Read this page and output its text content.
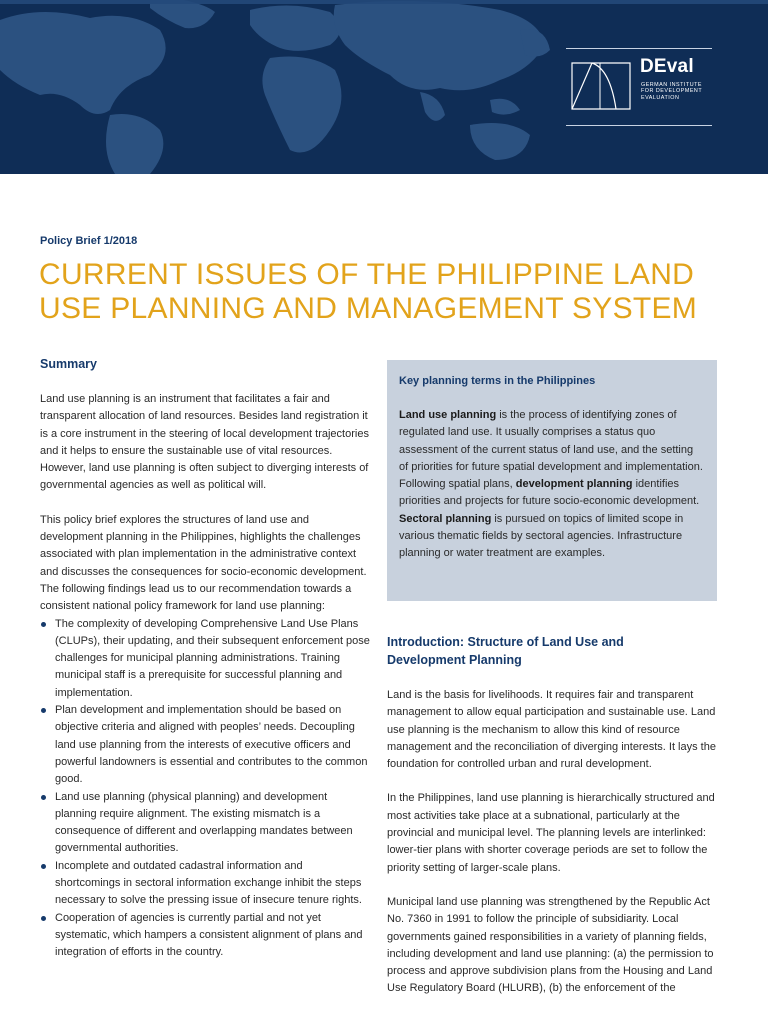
DEval
GERMAN INSTITUTE FOR DEVELOPMENT EVALUATION
Policy Brief 1/2018
CURRENT ISSUES OF THE PHILIPPINE LAND USE PLANNING AND MANAGEMENT SYSTEM
Summary

Land use planning is an instrument that facilitates a fair and transparent allocation of land resources. Besides land registration it is a core instrument in the steering of local development trajectories and it helps to ensure the sustainable use of vital resources. However, land use planning is often subject to diverging interests of governmental agencies as well as political will.

This policy brief explores the structures of land use and development planning in the Philippines, highlights the challenges associated with plan implementation in the administrative context and discusses the consequences for socio-economic development. The following findings lead us to our recommendation towards a consistent national policy framework for land use planning:

The complexity of developing Comprehensive Land Use Plans (CLUPs), their updating, and their subsequent enforcement pose challenges for municipal planning administrations. Training municipal staff is a prerequisite for successful planning and implementation.
Plan development and implementation should be based on objective criteria and aligned with peoples’ needs. Decoupling land use planning from the interests of executive officers and powerful landowners is essential and contributes to the common good.
Land use planning (physical planning) and development planning require alignment. The existing mismatch is a consequence of different and overlapping mandates between governmental authorities.
Incomplete and outdated cadastral information and shortcomings in sectoral information exchange inhibit the steps necessary to solve the pressing issue of insecure tenure rights.
Cooperation of agencies is currently partial and not yet systematic, which hampers a consistent alignment of plans and integration of efforts in the country.
Key planning terms in the Philippines

Land use planning is the process of identifying zones of regulated land use. It usually comprises a status quo assessment of the current status of land use, and the setting of priorities for future spatial development and implementation.

Following spatial plans, development planning identifies priorities and projects for future socio-economic development.

Sectoral planning is pursued on topics of limited scope in various thematic fields by sectoral agencies. Infrastructure planning or water treatment are examples.

Introduction: Structure of Land Use and Development Planning

Land is the basis for livelihoods. It requires fair and transparent management to allow equal participation and sustainable use. Land use planning is the mechanism to allow this kind of resource management and the reconciliation of diverging interests. It lays the foundation for controlled urban and rural development.

In the Philippines, land use planning is hierarchically structured and most activities take place at a subnational, particularly at the provincial and municipal level. The planning levels are interlinked: lower-tier plans with shorter coverage periods are set to follow the priority setting of larger-scale plans.

Municipal land use planning was strengthened by the Republic Act No. 7360 in 1991 to follow the principle of subsidiarity. Local governments gained responsibilities in a variety of planning fields, including development and land use planning: (a) the permission to process and approve subdivision plans from the Housing and Land Use Regulatory Board (HLURB), (b) the enforcement of the
